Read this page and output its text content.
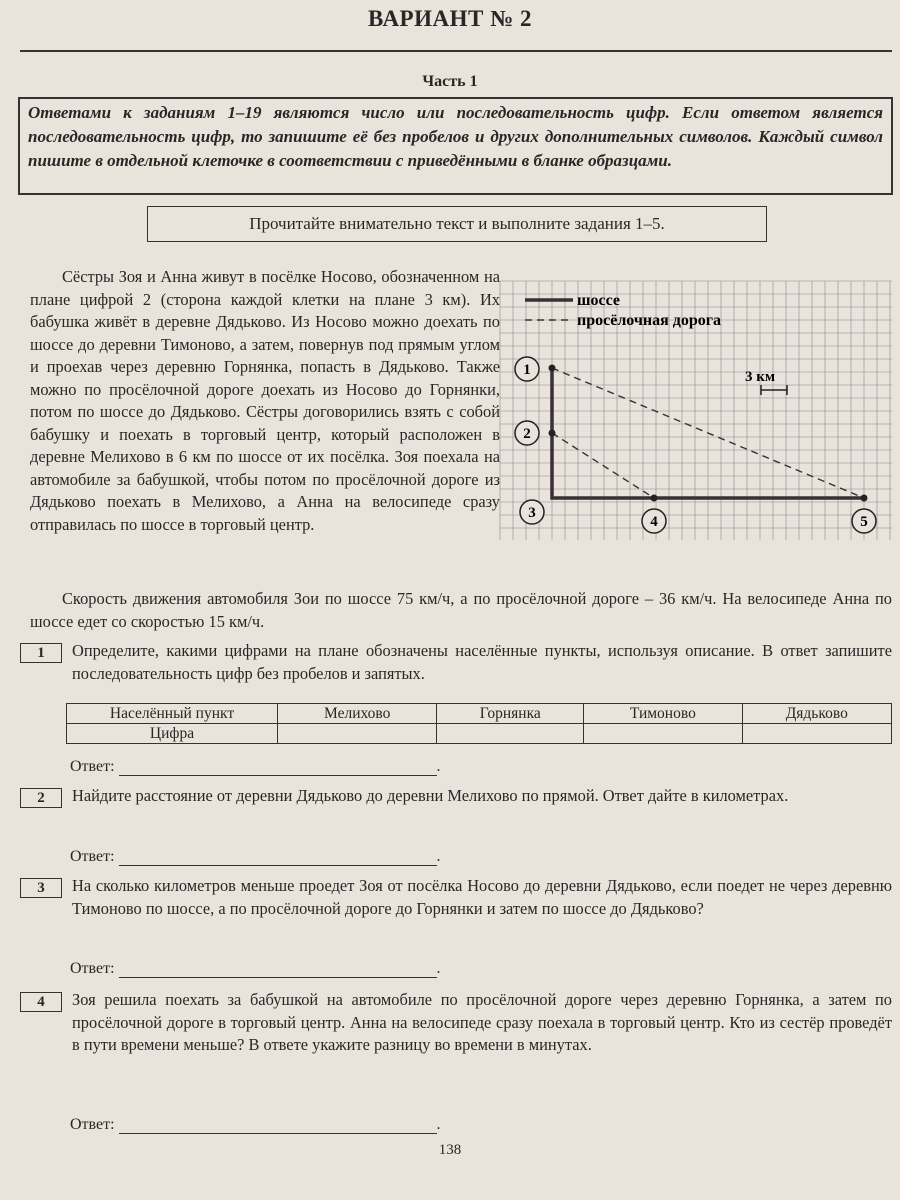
ВАРИАНТ № 2
Часть 1
Ответами к заданиям 1–19 являются число или последовательность цифр. Если ответом является последовательность цифр, то запишите её без пробелов и других дополнительных символов. Каждый символ пишите в отдельной клеточке в соответствии с приведёнными в бланке образцами.
Прочитайте внимательно текст и выполните задания 1–5.
Сёстры Зоя и Анна живут в посёлке Носово, обозначенном на плане цифрой 2 (сторона каждой клетки на плане 3 км). Их бабушка живёт в деревне Дядьково. Из Носово можно доехать по шоссе до деревни Тимоново, а затем, повернув под прямым углом и проехав через деревню Горнянка, попасть в Дядьково. Также можно по просёлочной дороге доехать из Носово до Горнянки, потом по шоссе до Дядьково. Сёстры договорились взять с собой бабушку и поехать в торговый центр, который расположен в деревне Мелихово в 6 км по шоссе от их посёлка. Зоя поехала на автомобиле за бабушкой, чтобы потом по просёлочной дороге из Дядьково поехать в Мелихово, а Анна на велосипеде сразу отправилась по шоссе в торговый центр.
шоссе
просёлочная дорога
1
2
3
4	5
3 км
Скорость движения автомобиля Зои по шоссе 75 км/ч, а по просёлочной дороге – 36 км/ч. На велосипеде Анна по шоссе едет со скоростью 15 км/ч.
1	Определите, какими цифрами на плане обозначены населённые пункты, используя описание. В ответ запишите последовательность цифр без пробелов и запятых.
Населённый пункт	Мелихово	Горнянка	Тимоново	Дядьково
Цифра				
Ответ:	.
2	Найдите расстояние от деревни Дядьково до деревни Мелихово по прямой. Ответ дайте в километрах.
Ответ:	.
3	На сколько километров меньше проедет Зоя от посёлка Носово до деревни Дядьково, если поедет не через деревню Тимоново по шоссе, а по просёлочной дороге до Горнянки и затем по шоссе до Дядьково?
Ответ:	.
4	Зоя решила поехать за бабушкой на автомобиле по просёлочной дороге через деревню Горнянка, а затем по просёлочной дороге в торговый центр. Анна на велосипеде сразу поехала в торговый центр. Кто из сестёр проведёт в пути времени меньше? В ответе укажите разницу во времени в минутах.
Ответ:	.
138
